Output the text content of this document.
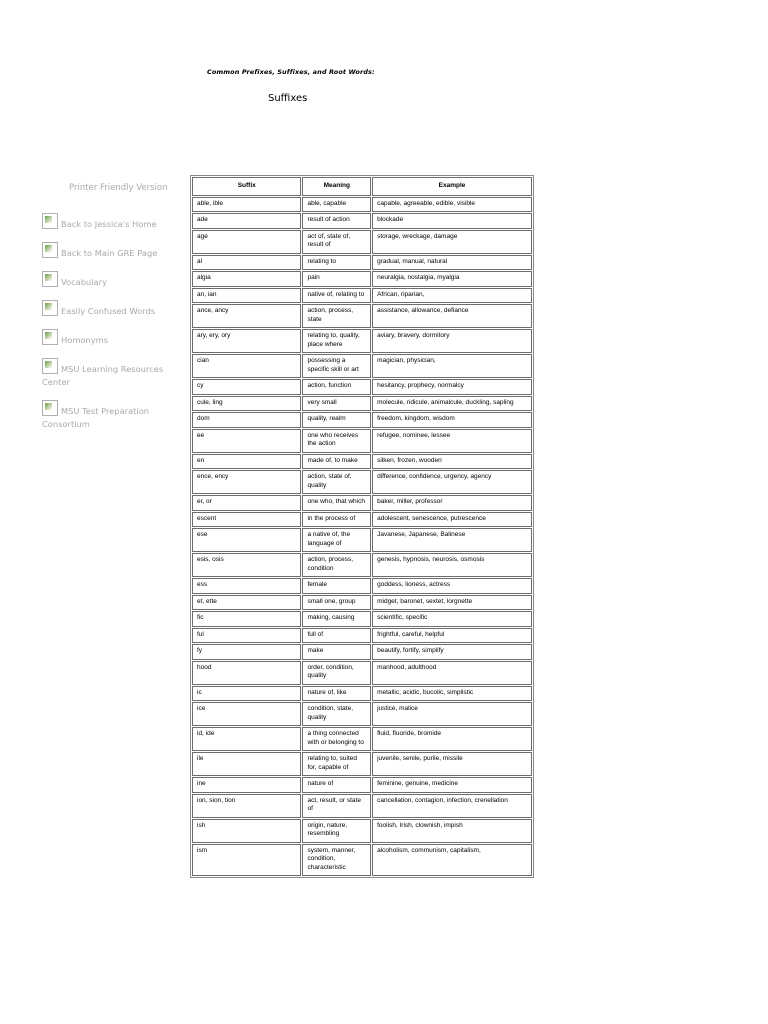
Common Prefixes, Suffixes, and Root Words:
Suffixes
Printer Friendly Version
Back to Jessica's Home
Back to Main GRE Page
Vocabulary
Easily Confused Words
Homonyms
MSU Learning Resources Center
MSU Test Preparation Consortium
Suffix	Meaning	Example
able, ible	able, capable	capable, agreeable, edible, visible
ade	result of action	blockade
age	act of, state of, result of	storage, wreckage, damage
al	relating to	gradual, manual, natural
algia	pain	neuralgia, nostalgia, myalgia
an, ian	native of, relating to	African, riparian,
ance, ancy	action, process, state	assistance, allowance, defiance
ary, ery, ory	relating to, quality, place where	aviary, bravery, dormitory
cian	possessing a specific skill or art	magician, physician,
cy	action, function	hesitancy, prophecy, normalcy
cule, ling	very small	molecule, ridicule, animalcule, duckling, sapling
dom	quality, realm	freedom, kingdom, wisdom
ee	one who receives the action	refugee, nominee, lessee
en	made of, to make	silken, frozen, wooden
ence, ency	action, state of, quality	difference, confidence, urgency, agency
er, or	one who, that which	baker, miller, professor
escent	in the process of	adolescent, senescence, putrescence
ese	a native of, the language of	Javanese, Japanese, Balinese
esis, osis	action, process, condition	genesis, hypnosis, neurosis, osmosis
ess	female	goddess, lioness, actress
et, ette	small one, group	midget, baronet, sextet, lorgnette
fic	making, causing	scientific, specific
ful	full of	frightful, careful, helpful
fy	make	beautify, fortify, simplify
hood	order, condition, quality	manhood, adulthood
ic	nature of, like	metallic, acidic, bucolic, simplistic
ice	condition, state, quality	justice, malice
id, ide	a thing connected with or belonging to	fluid, fluoride, bromide
ile	relating to, suited for, capable of	juvenile, senile, purile, missile
ine	nature of	feminine, genuine, medicine
ion, sion, tion	act, result, or state of	cancellation, contagion, infection, crenellation
ish	origin, nature, resembling	foolish, Irish, clownish, impish
ism	system, manner, condition, characteristic	alcoholism, communism, capitalism,
